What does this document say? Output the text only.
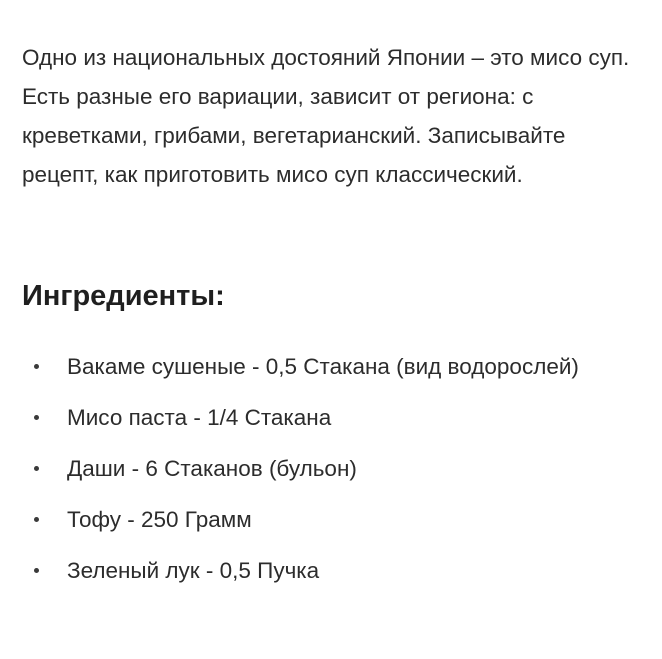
Одно из национальных достояний Японии – это мисо суп. Есть разные его вариации, зависит от региона: с креветками, грибами, вегетарианский. Записывайте рецепт, как приготовить мисо суп классический.

Ингредиенты:
Вакаме сушеные - 0,5 Стакана (вид водорослей)
Мисо паста - 1/4 Стакана
Даши - 6 Стаканов (бульон)
Тофу - 250 Грамм
Зеленый лук - 0,5 Пучка
